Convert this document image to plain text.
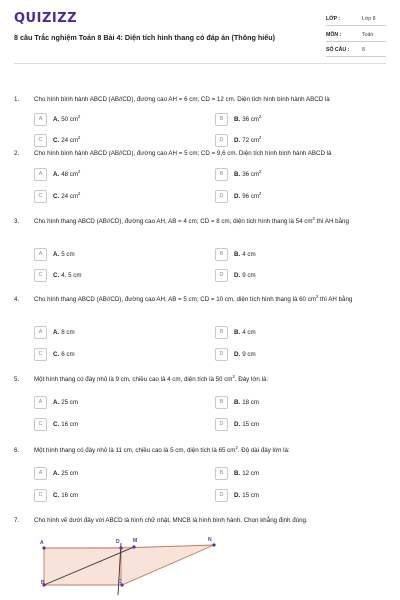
QUIZIZZ
8 câu Trắc nghiệm Toán 8 Bài 4: Diện tích hình thang có đáp án (Thông hiểu)
LỚP :	Lớp 8
MÔN :	Toán
SỐ CÂU : 8
1. Cho hình bình hành ABCD (AB//CD), đường cao AH = 6 cm; CD = 12 cm. Diện tích hình bình hành ABCD là
A	A. 50 $cm^2$
B	B. 36 $cm^2$
C	C. 24 $cm^2$
D	D. 72 $cm^2$
2. Cho hình bình hành ABCD (AB//CD), đường cao AH = 5 cm; CD = 9,6 cm. Diện tích hình bình hành ABCD là
A	A. 48 $cm^2$
B	B. 36 $cm^2$
C	C. 24 $cm^2$
D	D. 96 $cm^2$
3. Cho hình thang ABCD (AB//CD), đường cao AH, AB = 4 cm; CD = 8 cm, diện tích hình thang là 54 $cm^2$ thì AH bằng
A	A. 5 cm	B	B. 4 cm
C	C. 4, 5 cm	D	D. 9 cm
4. Cho hình thang ABCD (AB//CD), đường cao AH, AB = 5 cm; CD = 10 cm, diện tích hình thang là 60 $cm^2$ thì AH bằng
A	A. 8 cm	B	B. 4 cm
C	C. 6 cm	D	D. 9 cm
5. Một hình thang có đáy nhỏ là 9 cm, chiều cao là 4 cm, diện tích là 50 $cm^2$. Đáy lớn là:
A	A. 25 cm	B	B. 18 cm
C	C. 16 cm	D	D. 15 cm
6. Một hình thang có đáy nhỏ là 11 cm, chiều cao là 5 cm, diện tích là 65 $cm^2$. Độ dài đáy lớn là:
A	A. 25 cm	B	B. 12 cm
C	C. 16 cm	D	D. 15 cm
7. Cho hình vẽ dưới đây với ABCD là hình chữ nhật, MNCB là hình bình hành. Chọn khẳng định đúng.
A	D	M	N
B	C
